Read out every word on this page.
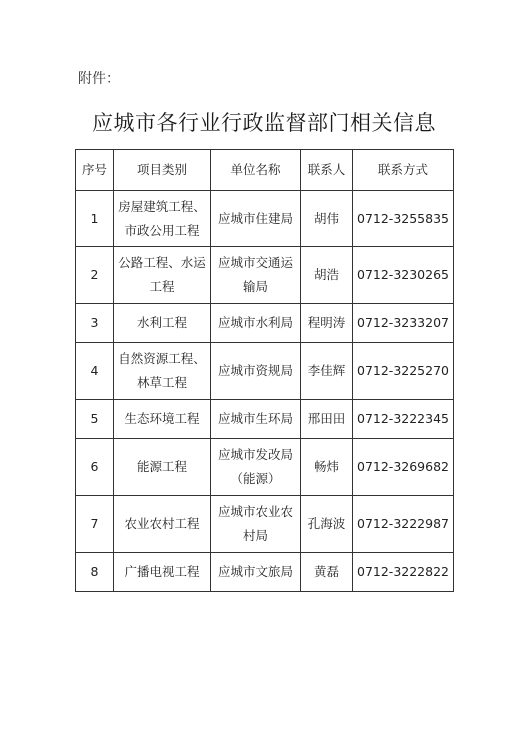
附件：
应城市各行业行政监督部门相关信息
序号	项目类别	单位名称	联系人	联系方式
1	房屋建筑工程、市政公用工程	应城市住建局	胡伟	0712-3255835
2	公路工程、水运工程	应城市交通运输局	胡浩	0712-3230265
3	水利工程	应城市水利局	程明涛	0712-3233207
4	自然资源工程、林草工程	应城市资规局	李佳辉	0712-3225270
5	生态环境工程	应城市生环局	邢田田	0712-3222345
6	能源工程	应城市发改局（能源）	畅炜	0712-3269682
7	农业农村工程	应城市农业农村局	孔海波	0712-3222987
8	广播电视工程	应城市文旅局	黄磊	0712-3222822
